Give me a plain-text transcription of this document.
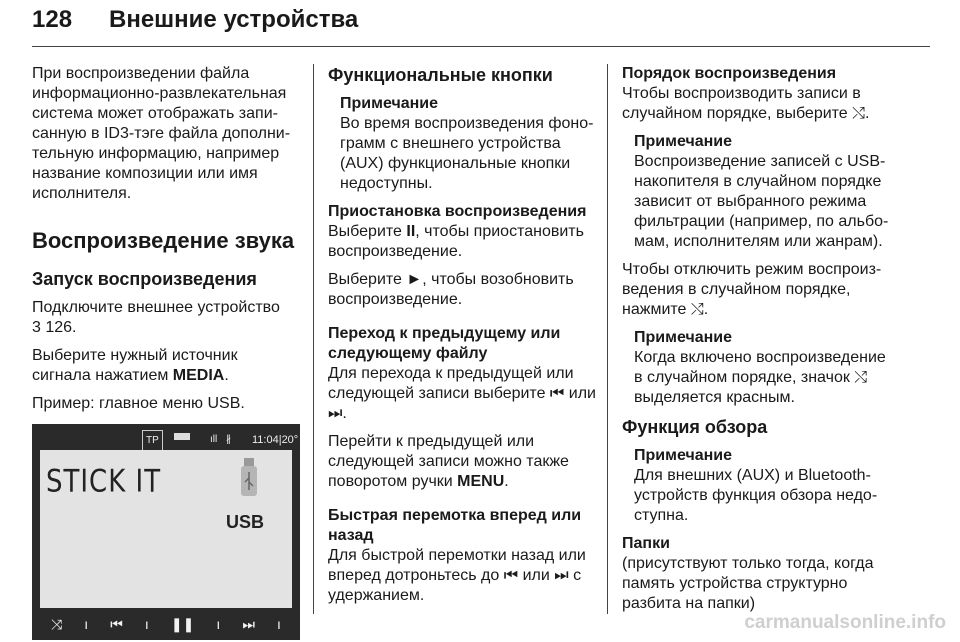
128 Внешние устройства

При воспроизведении файла информационно-развлекательная система может отображать запи-санную в ID3-тэге файла дополни-тельную информацию, например название композиции или имя исполнителя.

Воспроизведение звука
Запуск воспроизведения

Подключите внешнее устройство
3 126.

Выберите нужный источник сигнала нажатием MEDIA.

Пример: главное меню USB.

TP	ıll ∦ 11:04|20°
STICK IT
USB
⤨ ı ⏮ ı ❚❚ ı ⏭ ı
Функциональные кнопки
Примечание
Во время воспроизведения фоно-грамм с внешнего устройства (AUX) функциональные кнопки недоступны.
Приостановка воспроизведения

Выберите II, чтобы приостановить воспроизведение.

Выберите ►, чтобы возобновить воспроизведение.

Переход к предыдущему или следующему файлу

Для перехода к предыдущей или следующей записи выберите ⏮ или ⏭.

Перейти к предыдущей или следующей записи можно также поворотом ручки MENU.

Быстрая перемотка вперед или назад

Для быстрой перемотки назад или вперед дотроньтесь до ⏮ или ⏭ с удержанием.

Порядок воспроизведения

Чтобы воспроизводить записи в случайном порядке, выберите ⤭.

Примечание
Воспроизведение записей с USB-накопителя в случайном порядке зависит от выбранного режима фильтрации (например, по альбо-мам, исполнителям или жанрам).

Чтобы отключить режим воспроиз-ведения в случайном порядке, нажмите ⤭.

Примечание
Когда включено воспроизведение в случайном порядке, значок ⤭ выделяется красным.
Функция обзора
Примечание
Для внешних (AUX) и Bluetooth-устройств функция обзора недо-ступна.
Папки

(присутствуют только тогда, когда память устройства структурно разбита на папки)

carmanualsonline.info
